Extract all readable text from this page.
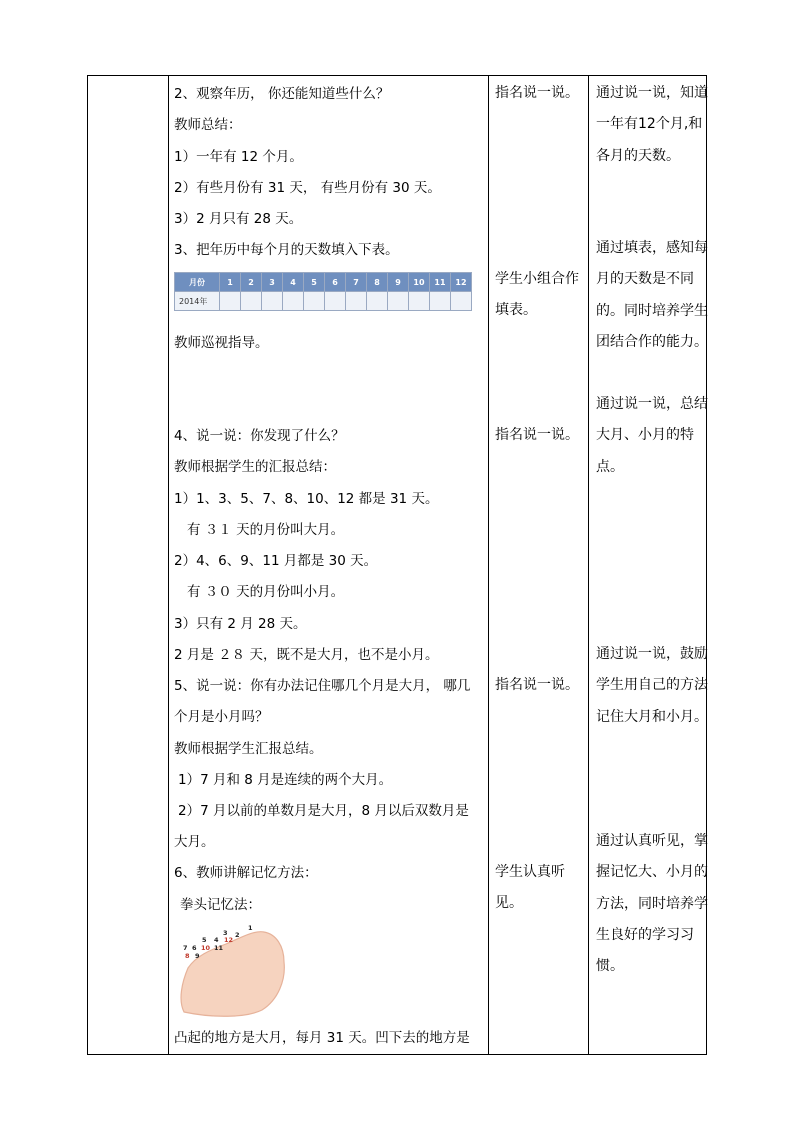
2、观察年历， 你还能知道些什么？
教师总结：
1）一年有 12 个月。
2）有些月份有 31 天， 有些月份有 30 天。
3）2 月只有 28 天。
3、把年历中每个月的天数填入下表。
月份	1	2	3	4	5	6	7	8	9	10	11	12
2014年												
教师巡视指导。
4、说一说：你发现了什么？
教师根据学生的汇报总结：
1）1、3、5、7、8、10、12 都是 31 天。
有 ３１ 天的月份叫大月。
2）4、6、9、11 月都是 30 天。
有 ３０ 天的月份叫小月。
3）只有 2 月 28 天。
2 月是 ２８ 天，既不是大月，也不是小月。
5、说一说：你有办法记住哪几个月是大月， 哪几
个月是小月吗？
教师根据学生汇报总结。
1）7 月和 8 月是连续的两个大月。
2）7 月以前的单数月是大月，8 月以后双数月是
大月。
6、教师讲解记忆方法：
拳头记忆法：
1
2
3
12
4
5
10
6	11
7
8 9
凸起的地方是大月，每月 31 天。凹下去的地方是
指名说一说。
学生小组合作填表。
指名说一说。
指名说一说。
学生认真听见。
通过说一说，知道一年有12个月,和各月的天数。
通过填表，感知每月的天数是不同的。同时培养学生团结合作的能力。
通过说一说，总结大月、小月的特点。
通过说一说，鼓励学生用自己的方法记住大月和小月。
通过认真听见，掌握记忆大、小月的方法，同时培养学生良好的学习习惯。
